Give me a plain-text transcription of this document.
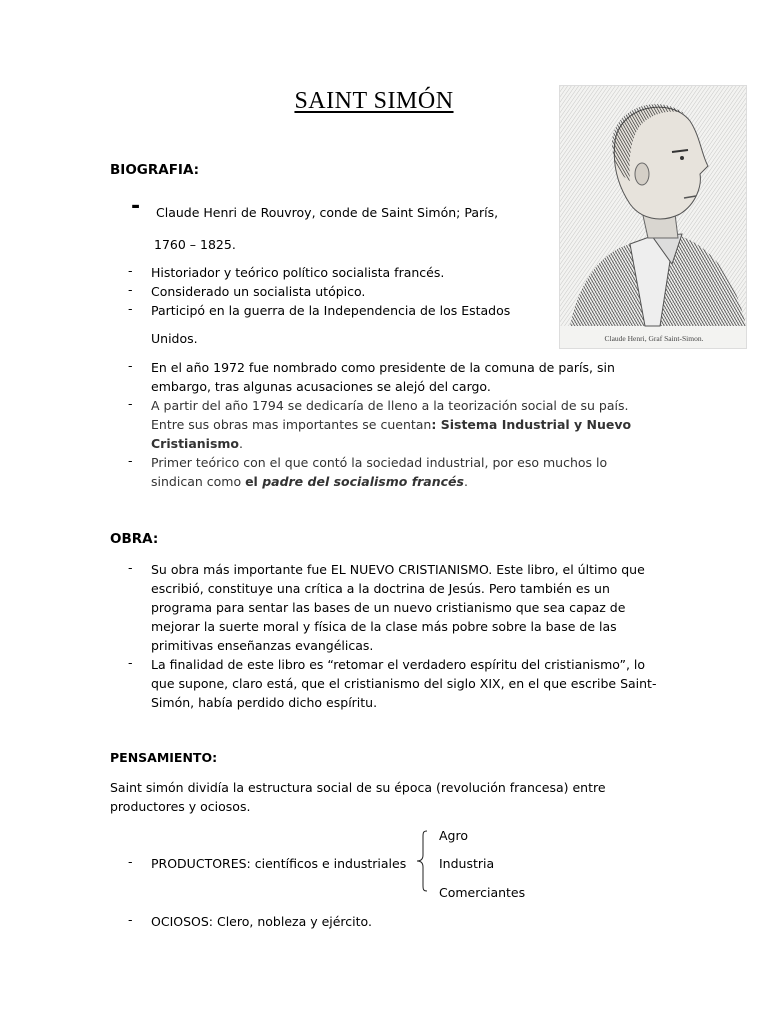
SAINT SIMÓN
Claude Henri, Graf Saint-Simon.
BIOGRAFIA:
- Claude Henri de Rouvroy, conde de Saint Simón; París,
1760 – 1825.
- Historiador y teórico político socialista francés.
- Considerado un socialista utópico.
- Participó en la guerra de la Independencia de los Estados
Unidos.
- En el año 1972 fue nombrado como presidente de la comuna de parís, sin
embargo, tras algunas acusaciones se alejó del cargo.
- A partir del año 1794 se dedicaría de lleno a la teorización social de su país.
Entre sus obras mas importantes se cuentan: Sistema Industrial y Nuevo
Cristianismo.
- Primer teórico con el que contó la sociedad industrial, por eso muchos lo
sindican como el padre del socialismo francés.
OBRA:
- Su obra más importante fue EL NUEVO CRISTIANISMO. Este libro, el último que
escribió, constituye una crítica a la doctrina de Jesús. Pero también es un
programa para sentar las bases de un nuevo cristianismo que sea capaz de
mejorar la suerte moral y física de la clase más pobre sobre la base de las
primitivas enseñanzas evangélicas.
- La finalidad de este libro es “retomar el verdadero espíritu del cristianismo”, lo
que supone, claro está, que el cristianismo del siglo XIX, en el que escribe Saint-
Simón, había perdido dicho espíritu.
PENSAMIENTO:
Saint simón dividía la estructura social de su época (revolución francesa) entre
productores y ociosos.
Agro
- PRODUCTORES: científicos e industriales	Industria
Comerciantes
- OCIOSOS: Clero, nobleza y ejército.
